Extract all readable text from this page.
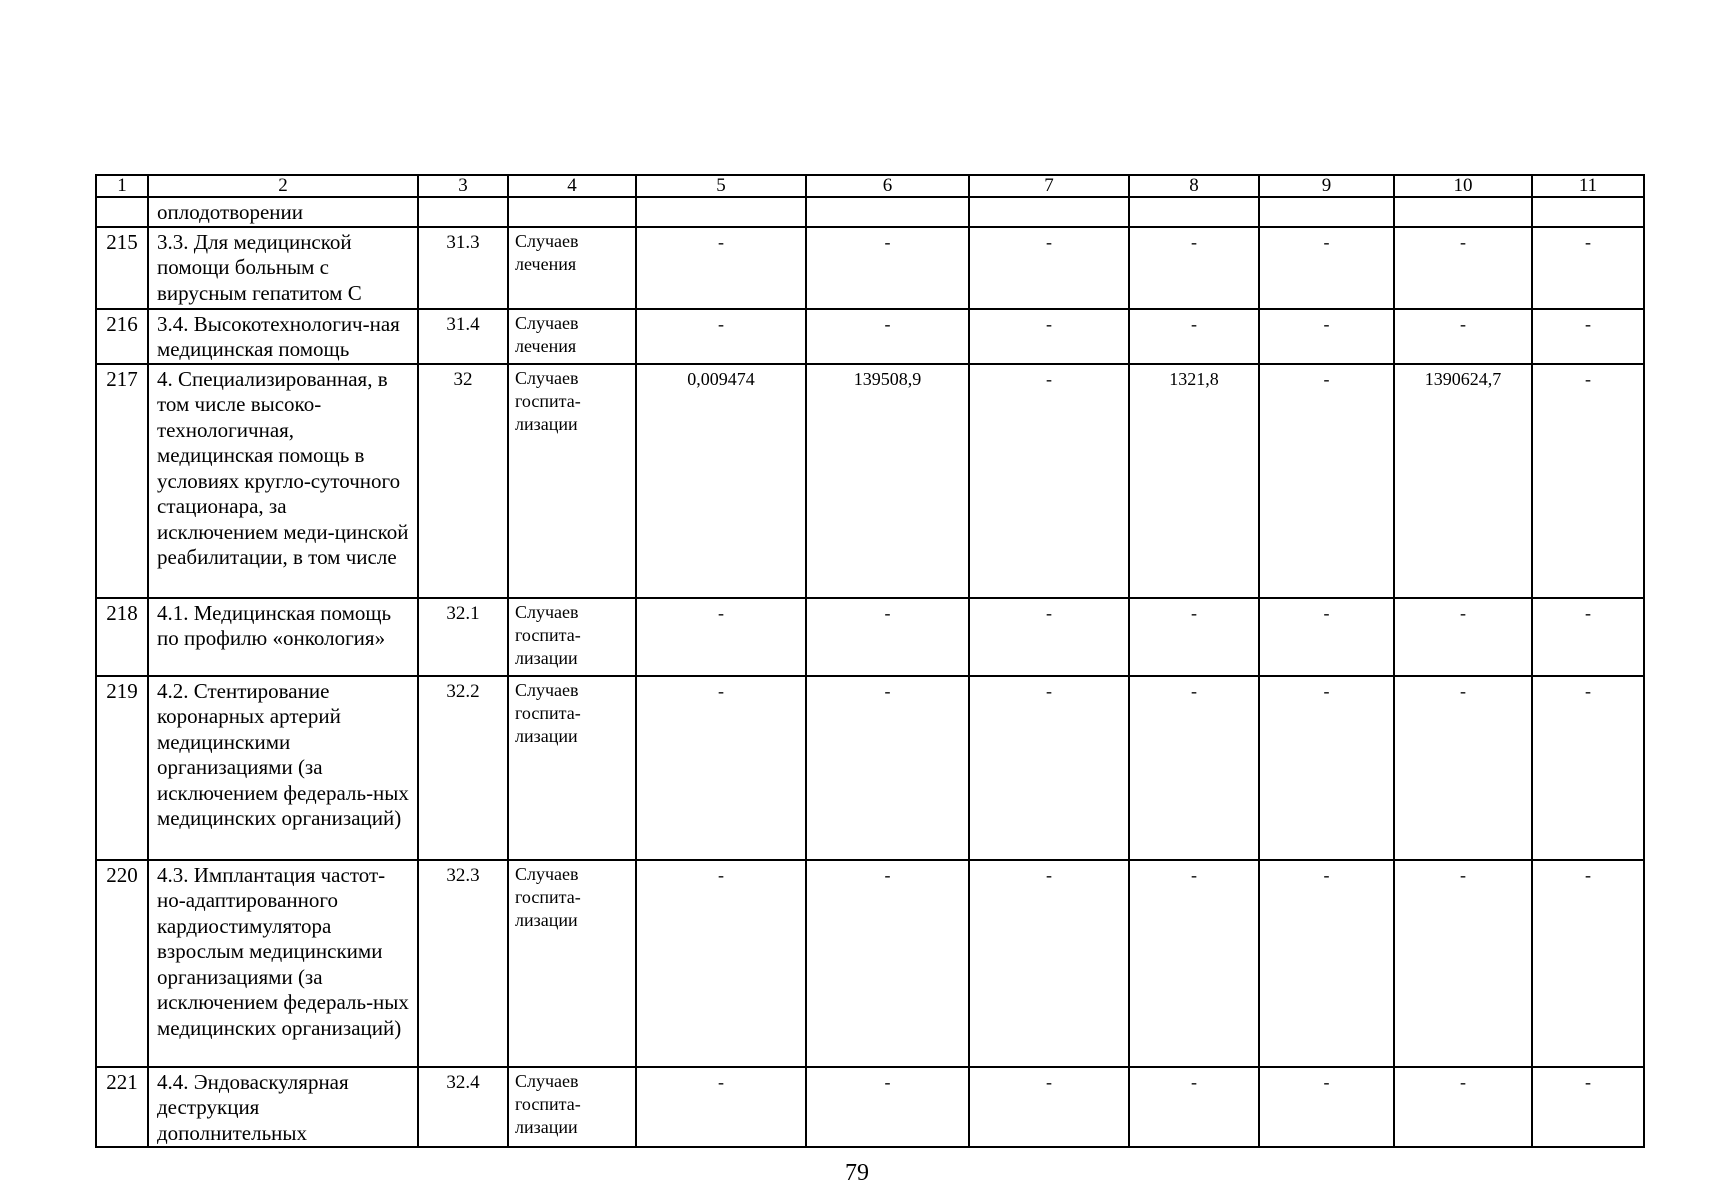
1	2	3	4	5	6	7	8	9	10	11
	оплодотворении									
215	3.3. Для медицинской помощи больным с вирусным гепатитом С	31.3	Случаев лечения	-	-	-	-	-	-	-
216	3.4. Высокотехнологич-ная медицинская помощь	31.4	Случаев лечения	-	-	-	-	-	-	-
217	4. Специализированная, в том числе высоко-технологичная, медицинская помощь в условиях кругло-суточного стационара, за исключением меди-цинской реабилитации, в том числе	32	Случаев госпита-лизации	0,009474	139508,9	-	1321,8	-	1390624,7	-
218	4.1. Медицинская помощь по профилю «онкология»	32.1	Случаев госпита-лизации	-	-	-	-	-	-	-
219	4.2. Стентирование коронарных артерий медицинскими организациями (за исключением федераль-ных медицинских организаций)	32.2	Случаев госпита-лизации	-	-	-	-	-	-	-
220	4.3. Имплантация частот-но-адаптированного кардиостимулятора взрослым медицинскими организациями (за исключением федераль-ных медицинских организаций)	32.3	Случаев госпита-лизации	-	-	-	-	-	-	-
221	4.4. Эндоваскулярная деструкция дополнительных	32.4	Случаев госпита-лизации	-	-	-	-	-	-	-
79
